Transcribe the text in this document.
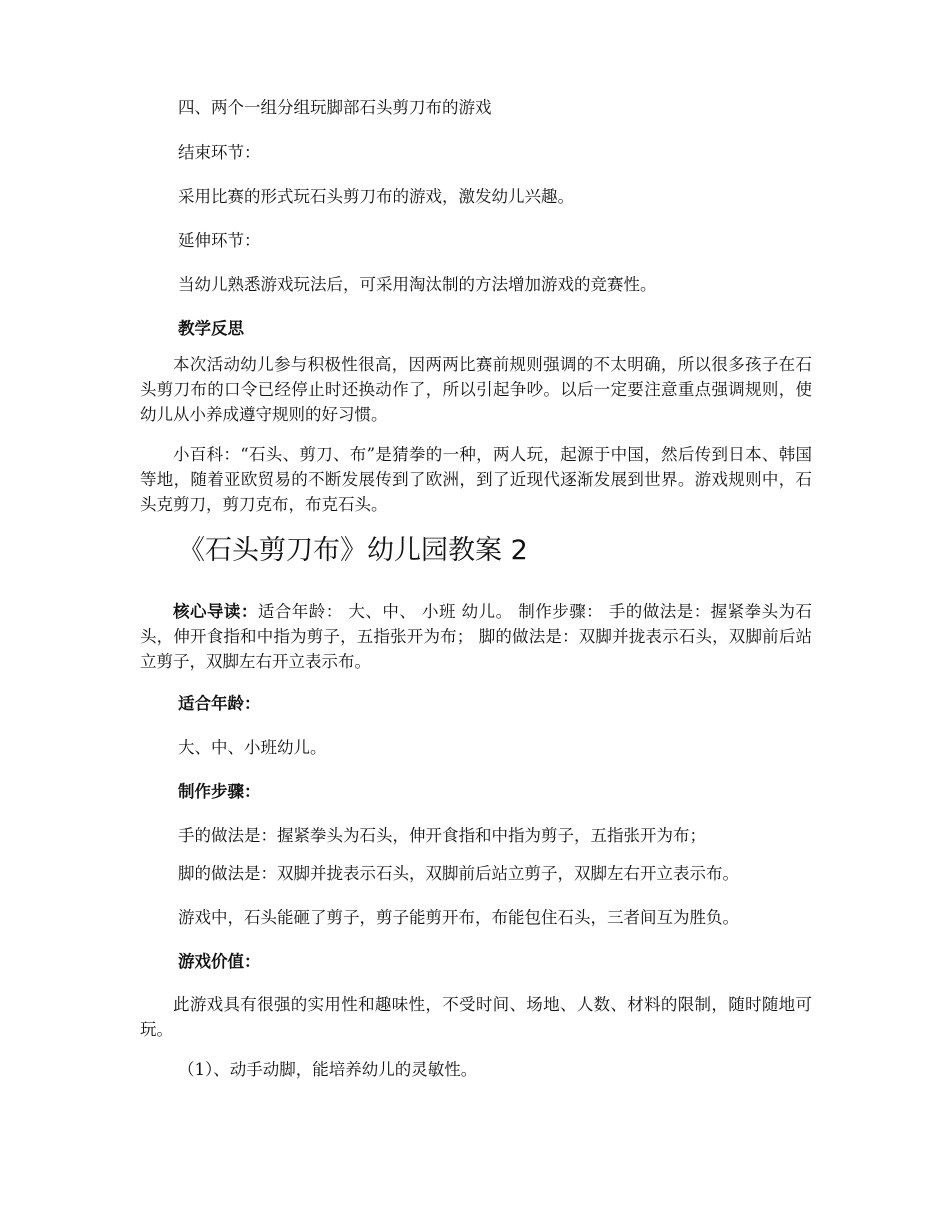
四、两个一组分组玩脚部石头剪刀布的游戏
结束环节：
采用比赛的形式玩石头剪刀布的游戏，激发幼儿兴趣。
延伸环节：
当幼儿熟悉游戏玩法后，可采用淘汰制的方法增加游戏的竞赛性。
教学反思
本次活动幼儿参与积极性很高，因两两比赛前规则强调的不太明确，所以很多孩子在石头剪刀布的口令已经停止时还换动作了，所以引起争吵。以后一定要注意重点强调规则，使幼儿从小养成遵守规则的好习惯。
小百科：“石头、剪刀、布”是猜拳的一种，两人玩，起源于中国，然后传到日本、韩国等地，随着亚欧贸易的不断发展传到了欧洲，到了近现代逐渐发展到世界。游戏规则中，石头克剪刀，剪刀克布，布克石头。
《石头剪刀布》幼儿园教案 2
核心导读：适合年龄： 大、中、 小班 幼儿。 制作步骤： 手的做法是：握紧拳头为石头，伸开食指和中指为剪子，五指张开为布； 脚的做法是：双脚并拢表示石头，双脚前后站立剪子，双脚左右开立表示布。
适合年龄：
大、中、小班幼儿。
制作步骤：
手的做法是：握紧拳头为石头，伸开食指和中指为剪子，五指张开为布；
脚的做法是：双脚并拢表示石头，双脚前后站立剪子，双脚左右开立表示布。
游戏中，石头能砸了剪子，剪子能剪开布，布能包住石头，三者间互为胜负。
游戏价值：
此游戏具有很强的实用性和趣味性，不受时间、场地、人数、材料的限制，随时随地可玩。
（1）、动手动脚，能培养幼儿的灵敏性。
